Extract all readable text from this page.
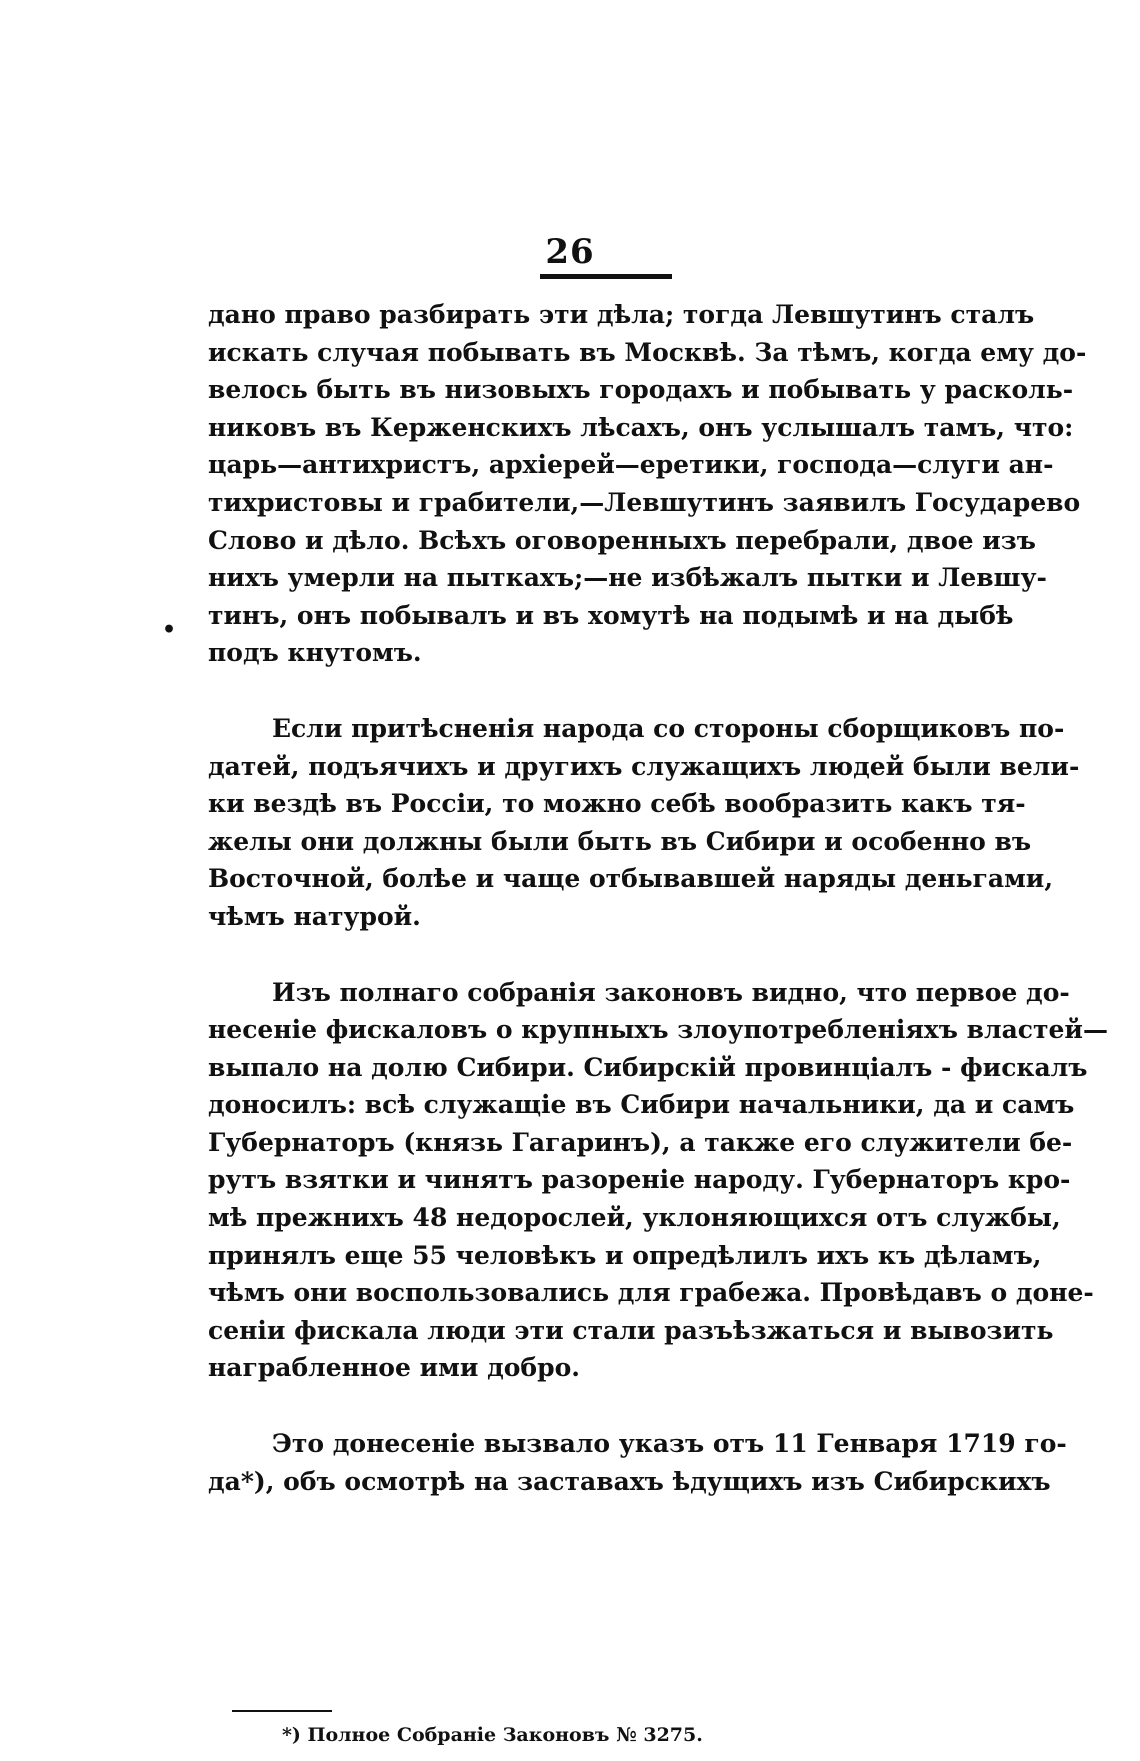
26
•
дано право разбирать эти дѣла; тогда Левшутинъ сталъ
искать случая побывать въ Москвѣ. За тѣмъ, когда ему до-
велось быть въ низовыхъ городахъ и побывать у расколь-
никовъ въ Керженскихъ лѣсахъ, онъ услышалъ тамъ, что:
царь—антихристъ, архіерей—еретики, господа—слуги ан-
тихристовы и грабители,—Левшутинъ заявилъ Государево
Слово и дѣло. Всѣхъ оговоренныхъ перебрали, двое изъ
нихъ умерли на пыткахъ;—не избѣжалъ пытки и Левшу-
тинъ, онъ побывалъ и въ хомутѣ на подымѣ и на дыбѣ
подъ кнутомъ.
Если притѣсненія народа со стороны сборщиковъ по-
датей, подъячихъ и другихъ служащихъ людей были вели-
ки вездѣ въ Россіи, то можно себѣ вообразить какъ тя-
желы они должны были быть въ Сибири и особенно въ
Восточной, болѣе и чаще отбывавшей наряды деньгами,
чѣмъ натурой.
Изъ полнаго собранія законовъ видно, что первое до-
несеніе фискаловъ о крупныхъ злоупотребленіяхъ властей—
выпало на долю Сибири. Сибирскій провинціалъ - фискалъ
доносилъ: всѣ служащіе въ Сибири начальники, да и самъ
Губернаторъ (князь Гагаринъ), а также его служители бе-
рутъ взятки и чинятъ разореніе народу. Губернаторъ кро-
мѣ прежнихъ 48 недорослей, уклоняющихся отъ службы,
принялъ еще 55 человѣкъ и опредѣлилъ ихъ къ дѣламъ,
чѣмъ они воспользовались для грабежа. Провѣдавъ о доне-
сеніи фискала люди эти стали разъѣзжаться и вывозить
награбленное ими добро.
Это донесеніе вызвало указъ отъ 11 Генваря 1719 го-
да*), объ осмотрѣ на заставахъ ѣдущихъ изъ Сибирскихъ
*) Полное Собраніе Законовъ № 3275.
